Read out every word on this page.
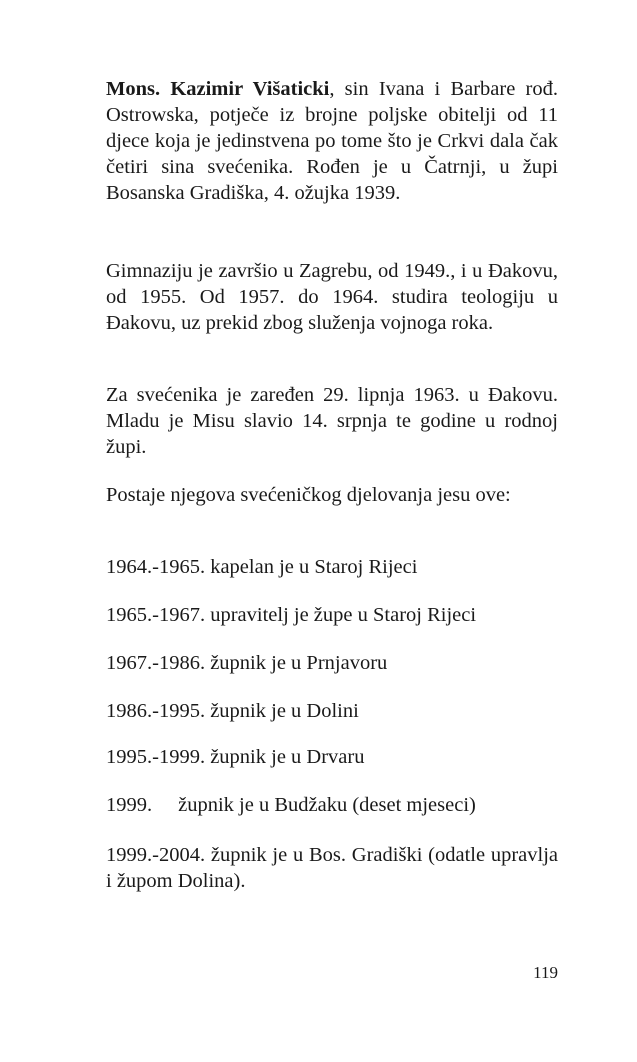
Mons. Kazimir Višaticki, sin Ivana i Barbare rođ. Ostrowska, potječe iz brojne poljske obitelji od 11 djece koja je jedinstvena po tome što je Crkvi dala čak četiri sina svećenika. Rođen je u Čatrnji, u župi Bosanska Gradiška, 4. ožujka 1939.
Gimnaziju je završio u Zagrebu, od 1949., i u Đakovu, od 1955. Od 1957. do 1964. studira teologiju u Đakovu, uz prekid zbog služenja vojnoga roka.
Za svećenika je zaređen 29. lipnja 1963. u Đakovu. Mladu je Misu slavio 14. srpnja te godine u rodnoj župi.
Postaje njegova svećeničkog djelovanja jesu ove:
1964.-1965. kapelan je u Staroj Rijeci
1965.-1967. upravitelj je župe u Staroj Rijeci
1967.-1986. župnik je u Prnjavoru
1986.-1995. župnik je u Dolini
1995.-1999. župnik je u Drvaru
1999. župnik je u Budžaku (deset mjeseci)
1999.-2004. župnik je u Bos. Gradiški (odatle upravlja i župom Dolina).
119
